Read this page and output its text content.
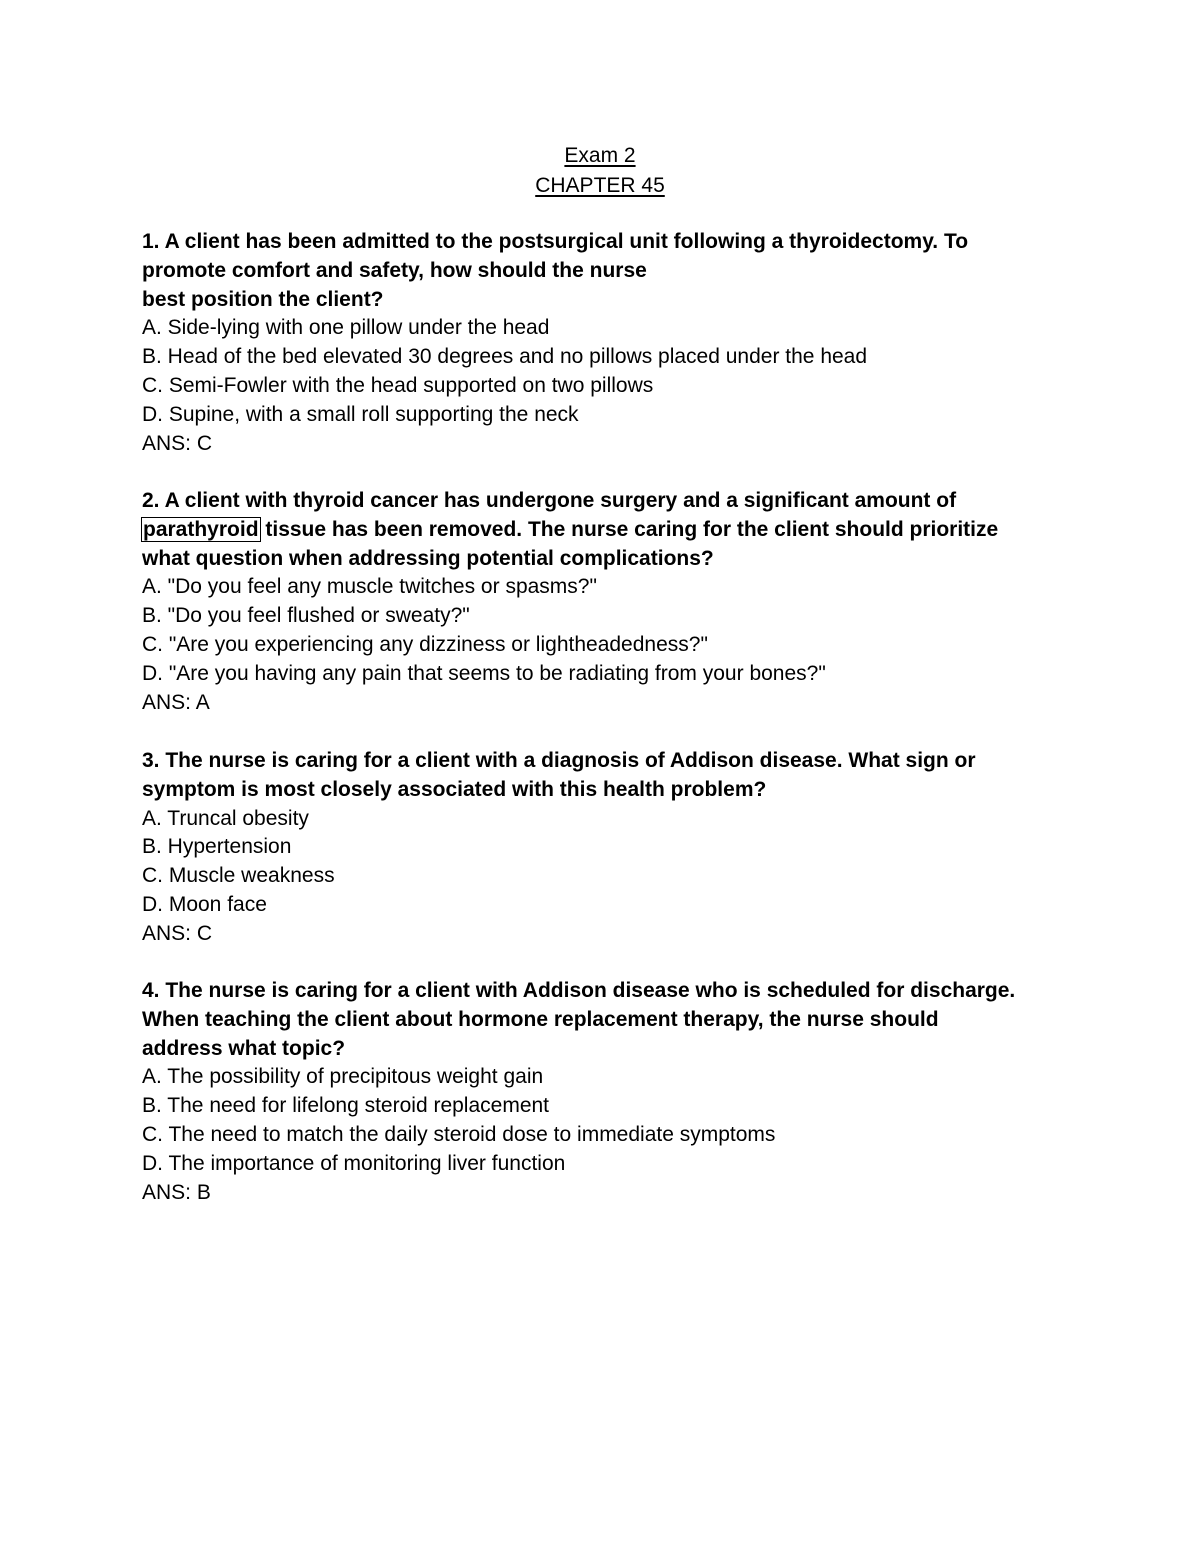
Exam 2
CHAPTER 45
1. A client has been admitted to the postsurgical unit following a thyroidectomy. To
promote comfort and safety, how should the nurse
best position the client?
A. Side-lying with one pillow under the head
B. Head of the bed elevated 30 degrees and no pillows placed under the head
C. Semi-Fowler with the head supported on two pillows
D. Supine, with a small roll supporting the neck
ANS: C
2. A client with thyroid cancer has undergone surgery and a significant amount of
parathyroid tissue has been removed. The nurse caring for the client should prioritize
what question when addressing potential complications?
A. "Do you feel any muscle twitches or spasms?"
B. "Do you feel flushed or sweaty?"
C. "Are you experiencing any dizziness or lightheadedness?"
D. "Are you having any pain that seems to be radiating from your bones?"
ANS: A
3. The nurse is caring for a client with a diagnosis of Addison disease. What sign or
symptom is most closely associated with this health problem?
A. Truncal obesity
B. Hypertension
C. Muscle weakness
D. Moon face
ANS: C
4. The nurse is caring for a client with Addison disease who is scheduled for discharge.
When teaching the client about hormone replacement therapy, the nurse should
address what topic?
A. The possibility of precipitous weight gain
B. The need for lifelong steroid replacement
C. The need to match the daily steroid dose to immediate symptoms
D. The importance of monitoring liver function
ANS: B
